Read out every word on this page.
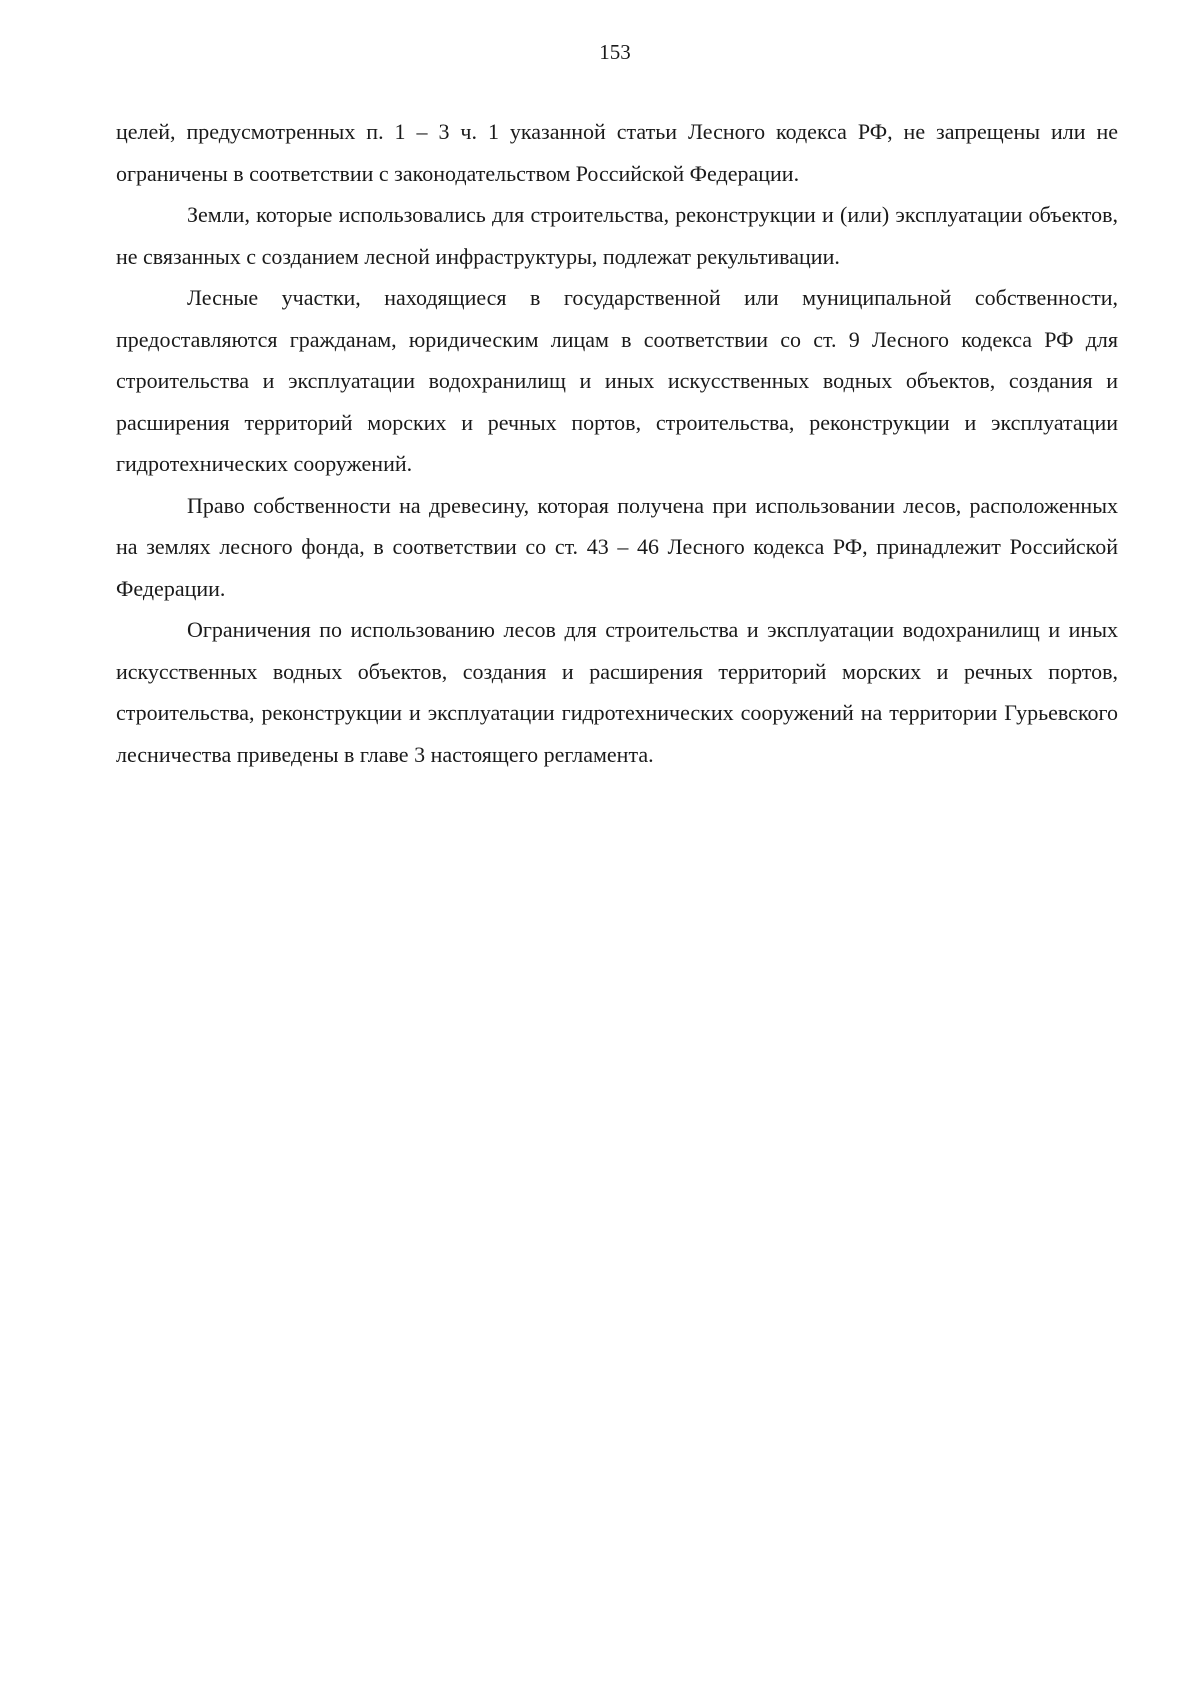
153

целей, предусмотренных п. 1 – 3 ч. 1 указанной статьи Лесного кодекса РФ, не запрещены или не ограничены в соответствии с законодательством Российской Федерации.

Земли, которые использовались для строительства, реконструкции и (или) эксплуатации объектов, не связанных с созданием лесной инфраструктуры, подлежат рекультивации.

Лесные участки, находящиеся в государственной или муниципальной собственности, предоставляются гражданам, юридическим лицам в соответствии со ст. 9 Лесного кодекса РФ для строительства и эксплуатации водохранилищ и иных искусственных водных объектов, создания и расширения территорий морских и речных портов, строительства, реконструкции и эксплуатации гидротехнических сооружений.

Право собственности на древесину, которая получена при использовании лесов, расположенных на землях лесного фонда, в соответствии со ст. 43 – 46 Лесного кодекса РФ, принадлежит Российской Федерации.

Ограничения по использованию лесов для строительства и эксплуатации водохранилищ и иных искусственных водных объектов, создания и расширения территорий морских и речных портов, строительства, реконструкции и эксплуатации гидротехнических сооружений на территории Гурьевского лесничества приведены в главе 3 настоящего регламента.
